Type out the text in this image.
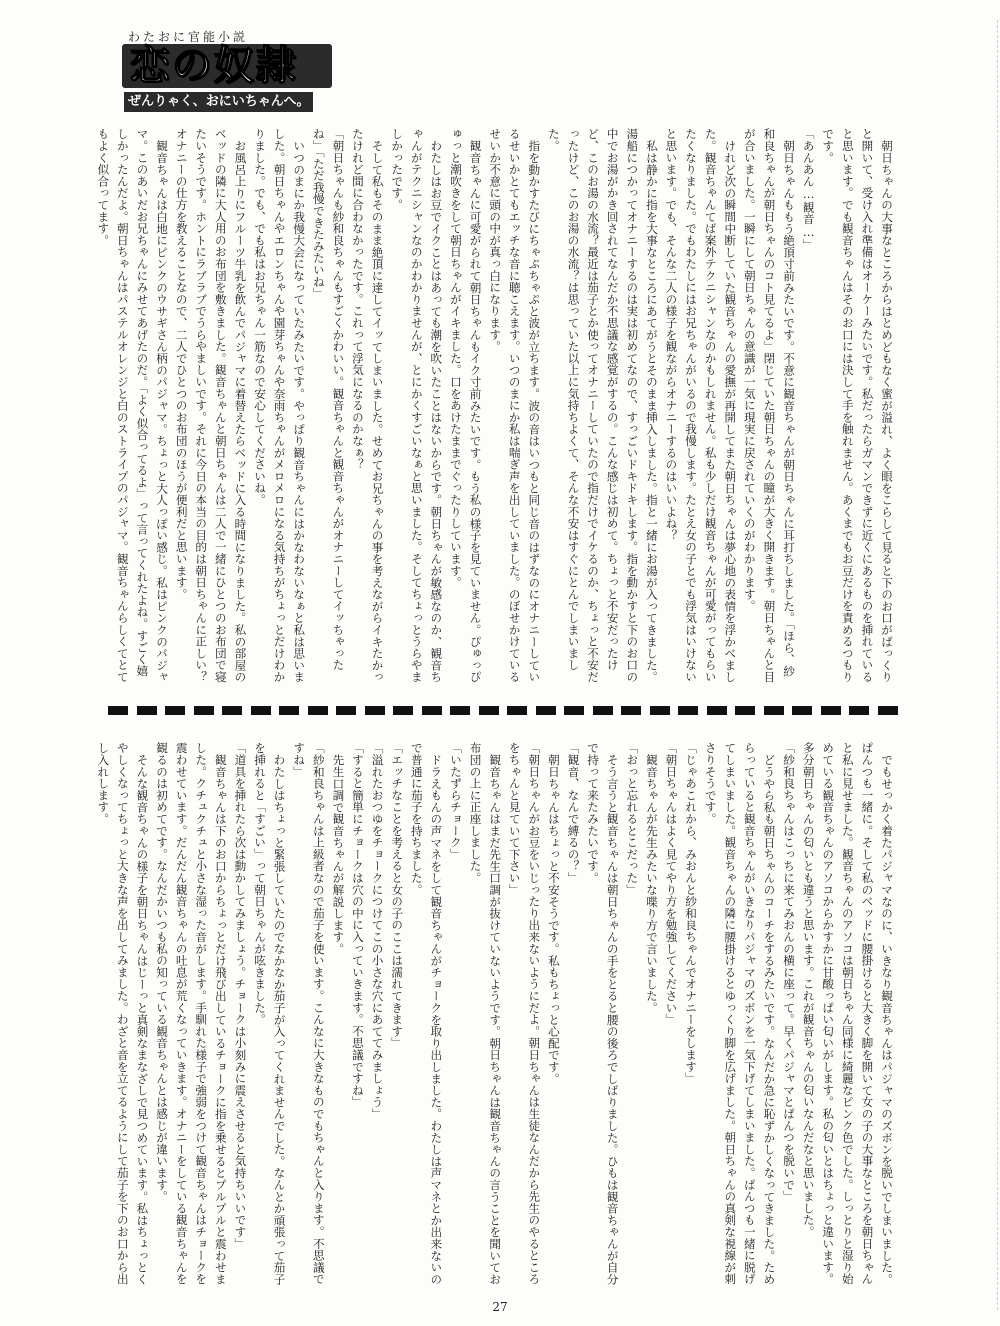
わたおに官能小説
恋の奴隷
ぜんりゃく、おにいちゃんへ。

朝日ちゃんの大事なところからはとめどもなく蜜が溢れ、よく眼をこらして見ると下のお口がぱっくりと開いて、受け入れ準備はオーケーみたいです。私だったらガマンできずに近くにあるものを挿れていると思います。でも観音ちゃんはそのお口には決して手を触れません。あくまでもお豆だけを責めるつもりです。

「あんあん…観音…」

朝日ちゃんももう絶頂寸前みたいです。不意に観音ちゃんが朝日ちゃんに耳打ちしました。「ほら、紗和良ちゃんが朝日ちゃんのコト見てるよ」閉じていた朝日ちゃんの瞳が大きく開きます。朝日ちゃんと目が合いました。一瞬にして朝日ちゃんの意識が一気に現実に戻されていくのがわかります。

けれど次の瞬間中断していた観音ちゃんの愛撫が再開してまた朝日ちゃんは夢心地の表情を浮かべました。観音ちゃんてば案外テクニシャンなのかもしれません。私も少しだけ観音ちゃんが可愛がってもらいたくなりました。でもわたしにはお兄ちゃんがいるので我慢します。たとえ女の子とでも浮気はいけないと思います。でも、そんな二人の様子を観ながらオナニーするのはいいよね？

私は静かに指を大事なところにあてがうとそのまま挿入しました。指と一緒にお湯が入ってきました。湯船につかってオナニーするのは実は初めてなので、すっごいドキドキします。指を動かすと下のお口の中でお湯がかき回されてなんだか不思議な感覚がするの。こんな感じは初めて。ちょっと不安だったけど、このお湯の水流？最近は茄子とか使ってオナニーしていたので指だけでイケるのか、ちょっと不安だったけど、このお湯の水流？は思っていた以上に気持ちよくて、そんな不安はすぐにとんでしまいました。

指を動かすたびにちゃぷちゃぷと波が立ちます。波の音はいつもと同じ音のはずなのにオナニーしているせいかとてもエッチな音に聴こえます。いつのまにか私は喘ぎ声を出していました。のぼせかけているせいか不意に頭の中が真っ白になります。

観音ちゃんに可愛がられて朝日ちゃんもイク寸前みたいです。もう私の様子を見ていません。ぴゅっぴゅっと潮吹きをして朝日ちゃんがイキました。口をあけたままでぐったりしています。

わたしはお豆でイクことはあっても潮を吹いたことはないからです。朝日ちゃんが敏感なのか、観音ちゃんがテクニシャンなのかわかりませんが、とにかくすごいなぁと思いました。そしてちょっとうらやましかったです。

そして私もそのまま絶頂に達してイッてしまいました。せめてお兄ちゃんの事を考えながらイキたかったけれど間に合わなかったです。これって浮気になるのかなぁ？

「朝日ちゃんも紗和良ちゃんもすごくかわいい。観音ちゃんと観音ちゃんがオナニーしてイッちゃったね」「ただ我慢できたみたいね」

いつのまにか我慢大会になっていたみたいです。やっぱり観音ちゃんにはかなわないなぁと私は思いました。朝日ちゃんやエロンちゃんや園芽ちゃんや奈雨ちゃんがメロメロになる気持ちがちょっとだけわかりました。でも、でも私はお兄ちゃん一筋なので安心してくださいね。

お風呂上りにフルーツ牛乳を飲んでパジャマに着替えたらベッドに入る時間になりました。私の部屋のベッドの隣に大人用のお布団を敷きました。観音ちゃんと朝日ちゃんは二人で一緒にひとつのお布団で寝たいそうです。ホントにラブラブでうらやましいです。それに今日の本当の目的は朝日ちゃんに正しい？オナニーの仕方を教えることなので、二人でひとつのお布団のほうが便利だと思います。

観音ちゃんは白地にピンクのウサギさん柄のパジャマ。ちょっと大人っぽい感じ。私はピンクのパジャマ。このあいだお兄ちゃんにみせてあげたのだ。「よく似合ってるよ」って言ってくれたよね。すごく嬉しかったんだよ。朝日ちゃんはパステルオレンジと白のストライプのパジャマ。観音ちゃんらしくてとてもよく似合ってます。

でもせっかく着たパジャマなのに、いきなり観音ちゃんはパジャマのズボンを脱いでしまいました。ぱんつも一緒に。そして私のベッドに腰掛けると大きく脚を開いて女の子の大事なところを朝日ちゃんと私に見せました。観音ちゃんのアソコは朝日ちゃん同様に綺麗なピンク色でした。しっとりと湿り始めている観音ちゃんのアソコからかすかに甘酸っぱい匂いがします。私の匂いとはちょっと違います。多分朝日ちゃんの匂いとも違うと思います。これが観音ちゃんの匂いなんだなと思いました。

「紗和良ちゃんはこっちに来てみおんの横に座って。早くパジャマとぱんつを脱いで」

どうやら私も朝日ちゃんのコーチをするみたいです。なんだか急に恥ずかしくなってきました。ためらっていると観音ちゃんがいきなりパジャマのズボンを一気下げてしまいました。ぱんつも一緒に脱げてしまいました。観音ちゃんの隣に腰掛けるとゆっくり脚を広げました。朝日ちゃんの真剣な視線が刺さりそうです。

「じゃあこれから、みおんと紗和良ちゃんでオナニーをします」

「朝日ちゃんはよく見てやり方を勉強してください」

観音ちゃんが先生みたいな喋り方で言いました。

「おっと忘れるとこだった」

そう言うと観音ちゃんは朝日ちゃんの手をとると腰の後ろでしばりました。ひもは観音ちゃんが自分で持って来たみたいです。

「観音、なんで縛るの？」

朝日ちゃんはちょっと不安そうです。私もちょっと心配です。

「朝日ちゃんがお豆をいじったり出来ないようにだよ。朝日ちゃんは生徒なんだから先生のやるところをちゃんと見ていて下さい」

観音ちゃんはまだ先生口調が抜けていないようです。朝日ちゃんは観音ちゃんの言うことを聞いてお布団の上に正座しました。

「いたずらチョーク」

ドラえもんの声マネをして観音ちゃんがチョークを取り出しました。わたしは声マネとか出来ないので普通に茄子を持ちました。

「エッチなことを考えると女の子のここは濡れてきます」

「溢れたおつゆをチョークにつけてこの小さな穴にあててみましょう」

「すると簡単にチョークは穴の中に入っていきます。不思議ですね」

先生口調で観音ちゃんが解説します。

「紗和良ちゃんは上級者なので茄子を使います。こんなに大きなものでもちゃんと入ります。不思議ですね」

わたしはちょっと緊張していたのでなかなか茄子が入ってくれませんでした。なんとか頑張って茄子を挿れると「すごい」って朝日ちゃんが呟きました。

「道具を挿れたら次は動かしてみましょう。チョークは小刻みに震えさせると気持ちいいです」

観音ちゃんは下のお口からちょっとだけ飛び出しているチョークに指を乗せるとプルプルと震わせました。クチュクチュと小さな湿った音がします。手馴れた様子で強弱をつけて観音ちゃんはチョークを震わせています。だんだん観音ちゃんの吐息が荒くなっていきます。オナニーをしている観音ちゃんを観るのは初めてです。なんだかいつも私の知っている観音ちゃんとは感じが違います。

そんな観音ちゃんの様子を朝日ちゃんはじーっと真剣なまなざしで見つめています。私はちょっとくやしくなってちょっと大きな声を出してみました。わざと音を立てるようにして茄子を下のお口から出し入れします。

27
